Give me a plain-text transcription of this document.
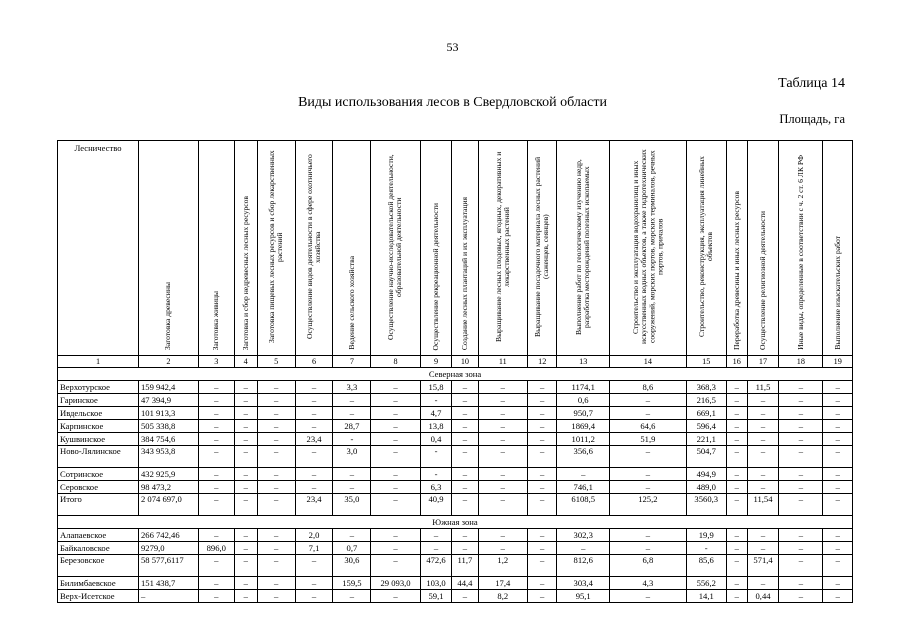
53
Таблица 14
Виды использования лесов в Свердловской области
Площадь, га
Лесничество	Заготовка древесины	Заготовка живицы	Заготовка и сбор недревесных лесных ресурсов	Заготовка пищевых лесных ресурсов и сбор лекарственных растений	Осуществление видов деятельности в сфере охотничьего хозяйства	Ведение сельского хозяйства	Осуществление научно-исследовательской деятельности, образовательной деятельности	Осуществление рекреационной деятельности	Создание лесных плантаций и их эксплуатация	Выращивание лесных плодовых, ягодных, декоративных и лекарственных растений	Выращивание посадочного материала лесных растений (саженцев, сеянцев)	Выполнение работ по геологическому изучению недр, разработка месторождений полезных ископаемых	Строительство и эксплуатация водохранилищ и иных искусственных водных объектов, а также гидротехнических сооружений, морских портов, морских терминалов, речных портов, причалов	Строительство, реконструкция, эксплуатация линейных объектов	Переработка древесины и иных лесных ресурсов	Осуществление религиозной деятельности	Иные виды, определенные в соответствии с ч. 2 ст. 6 ЛК РФ	Выполнение изыскательских работ
1	2	3	4	5	6	7	8	9	10	11	12	13	14	15	16	17	18	19
Северная зона																		
Верхотурское	159 942,4	–	–	–	–	3,3	–	15,8	–	–	–	1174,1	8,6	368,3	–	11,5	–	–
Гаринское	47 394,9	–	–	–	–	–	–	-	–	–	–	0,6	–	216,5	–	–	–	–
Ивдельское	101 913,3	–	–	–	–	–	–	4,7	–	–	–	950,7	–	669,1	–	–	–	–
Карпинское	505 338,8	–	–	–	–	28,7	–	13,8	–	–	–	1869,4	64,6	596,4	–	–	–	–
Кушвинское	384 754,6	–	–	–	23,4	-	–	0,4	–	–	–	1011,2	51,9	221,1	–	–	–	–
Ново-Лялинское	343 953,8	–	–	–	–	3,0	–	-	–	–	–	356,6	–	504,7	–	–	–	–
Сотринское	432 925,9	–	–	–	–	–	–	-	–	–	–	–	–	494,9	–	–	–	–
Серовское	98 473,2	–	–	–	–	–	–	6,3	–	–	–	746,1	–	489,0	–	–	–	–
Итого	2 074 697,0	–	–	–	23,4	35,0	–	40,9	–	–	–	6108,5	125,2	3560,3	–	11,54	–	–
Южная зона																		
Алапаевское	266 742,46	–	–	–	2,0	–	–	–	–	–	–	302,3	–	19,9	–	–	–	–
Байкаловское	9279,0	896,0	–	–	7,1	0,7	–	–	–	–	–	–	–	-	–	–	–	–
Березовское	58 577,6117	–	–	–	–	30,6	–	472,6	11,7	1,2	–	812,6	6,8	85,6	–	571,4	–	–
Билимбаевское	151 438,7	–	–	–	–	159,5	29 093,0	103,0	44,4	17,4	–	303,4	4,3	556,2	–	–	–	–
Верх-Исетское	–	–	–	–	–	–	–	59,1	–	8,2	–	95,1	–	14,1	–	0,44	–	–
